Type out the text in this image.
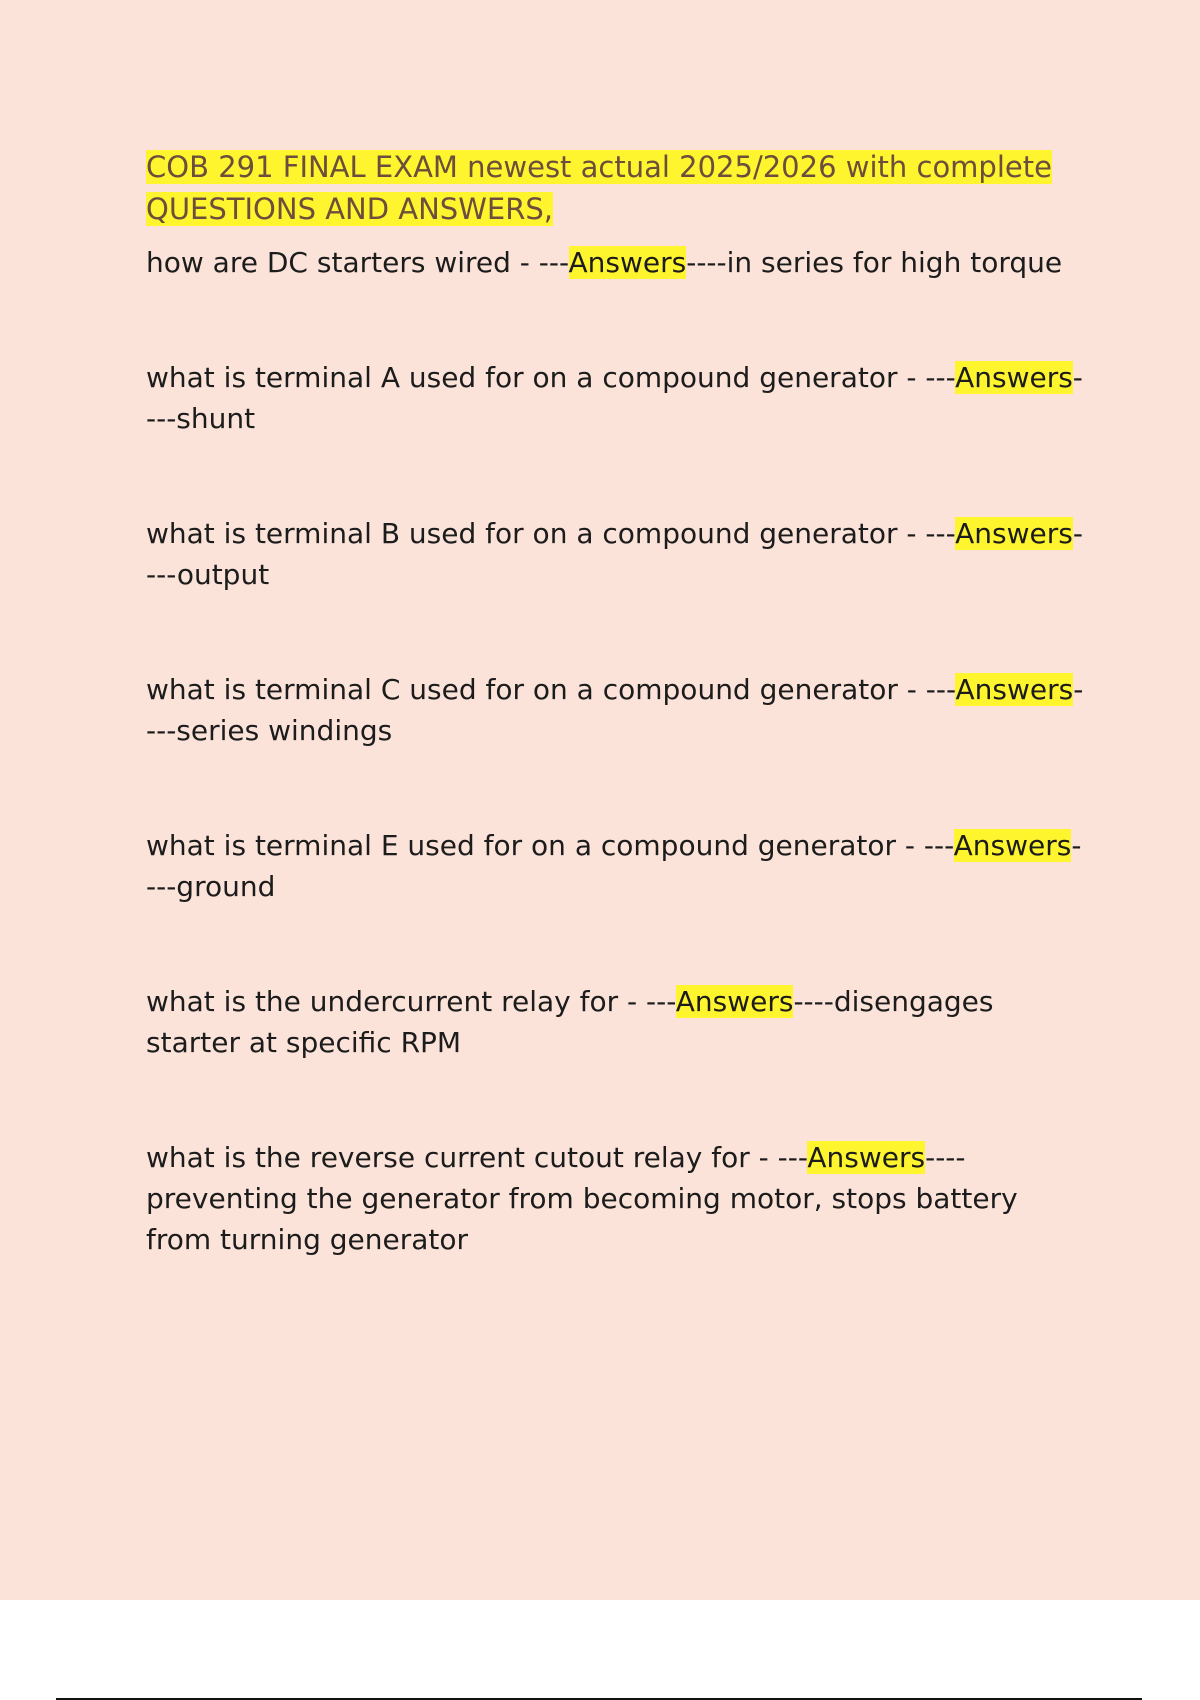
COB 291 FINAL EXAM newest actual 2025/2026 with complete QUESTIONS AND ANSWERS,

how are DC starters wired - ---Answers----in series for high torque

what is terminal A used for on a compound generator - ---Answers----shunt

what is terminal B used for on a compound generator - ---Answers----output

what is terminal C used for on a compound generator - ---Answers----series windings

what is terminal E used for on a compound generator - ---Answers----ground

what is the undercurrent relay for - ---Answers----disengages starter at specific RPM

what is the reverse current cutout relay for - ---Answers----preventing the generator from becoming motor, stops battery from turning generator
